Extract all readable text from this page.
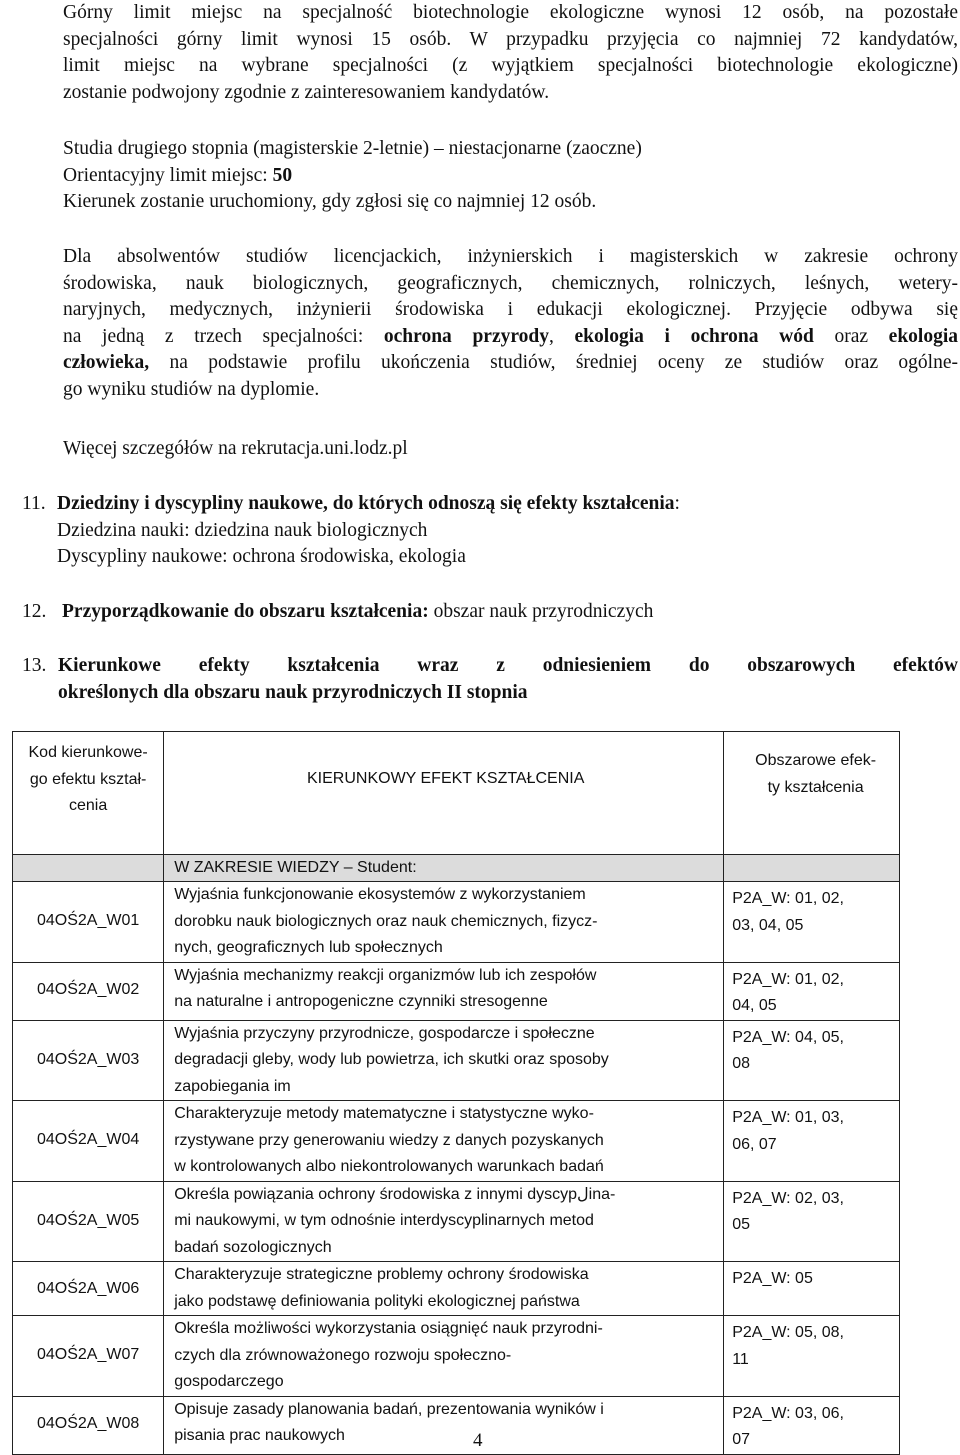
Górny limit miejsc na specjalność biotechnologie ekologiczne wynosi 12 osób, na pozostałe
specjalności górny limit wynosi 15 osób. W przypadku przyjęcia co najmniej 72 kandydatów,
limit miejsc na wybrane specjalności (z wyjątkiem specjalności biotechnologie ekologiczne)
zostanie podwojony zgodnie z zainteresowaniem kandydatów.
Studia drugiego stopnia (magisterskie 2-letnie) – niestacjonarne (zaoczne)
Orientacyjny limit miejsc: 50
Kierunek zostanie uruchomiony, gdy zgłosi się co najmniej 12 osób.
Dla absolwentów studiów licencjackich, inżynierskich i magisterskich w zakresie ochrony
środowiska, nauk biologicznych, geograficznych, chemicznych, rolniczych, leśnych, wetery-
naryjnych, medycznych, inżynierii środowiska i edukacji ekologicznej. Przyjęcie odbywa się
na jedną z trzech specjalności: ochrona przyrody, ekologia i ochrona wód oraz ekologia
człowieka, na podstawie profilu ukończenia studiów, średniej oceny ze studiów oraz ogólne-
go wyniku studiów na dyplomie.
Więcej szczegółów na rekrutacja.uni.lodz.pl
11. Dziedziny i dyscypliny naukowe, do których odnoszą się efekty kształcenia:
Dziedzina nauki: dziedzina nauk biologicznych
Dyscypliny naukowe: ochrona środowiska, ekologia
12. Przyporządkowanie do obszaru kształcenia: obszar nauk przyrodniczych
13. Kierunkowe efekty kształcenia wraz z odniesieniem do obszarowych efektów
określonych dla obszaru nauk przyrodniczych II stopnia
Kod kierunkowe-
go efektu kształ-
cenia	KIERUNKOWY EFEKT KSZTAŁCENIA	Obszarowe efek-
ty kształcenia

	W ZAKRESIE WIEDZY – Student:	

04OŚ2A_W01	Wyjaśnia funkcjonowanie ekosystemów z wykorzystaniem
dorobku nauk biologicznych oraz nauk chemicznych, fizycz-
nych, geograficznych lub społecznych	P2A_W: 01, 02,
03, 04, 05

04OŚ2A_W02	Wyjaśnia mechanizmy reakcji organizmów lub ich zespołów
na naturalne i antropogeniczne czynniki stresogenne	P2A_W: 01, 02,
04, 05

04OŚ2A_W03	Wyjaśnia przyczyny przyrodnicze, gospodarcze i społeczne
degradacji gleby, wody lub powietrza, ich skutki oraz sposoby
zapobiegania im	P2A_W: 04, 05,
08

04OŚ2A_W04	Charakteryzuje metody matematyczne i statystyczne wyko-
rzystywane przy generowaniu wiedzy z danych pozyskanych
w kontrolowanych albo niekontrolowanych warunkach badań	P2A_W: 01, 03,
06, 07

04OŚ2A_W05	Określa powiązania ochrony środowiska z innymi dyscypلina-
mi naukowymi, w tym odnośnie interdyscyplinarnych metod
badań sozologicznych	P2A_W: 02, 03,
05

04OŚ2A_W06	Charakteryzuje strategiczne problemy ochrony środowiska
jako podstawę definiowania polityki ekologicznej państwa	P2A_W: 05

04OŚ2A_W07	Określa możliwości wykorzystania osiągnięć nauk przyrodni-
czych dla zrównoważonego rozwoju społeczno-
gospodarczego	P2A_W: 05, 08,
11

04OŚ2A_W08	Opisuje zasady planowania badań, prezentowania wyników i
pisania prac naukowych	P2A_W: 03, 06,
07
4
